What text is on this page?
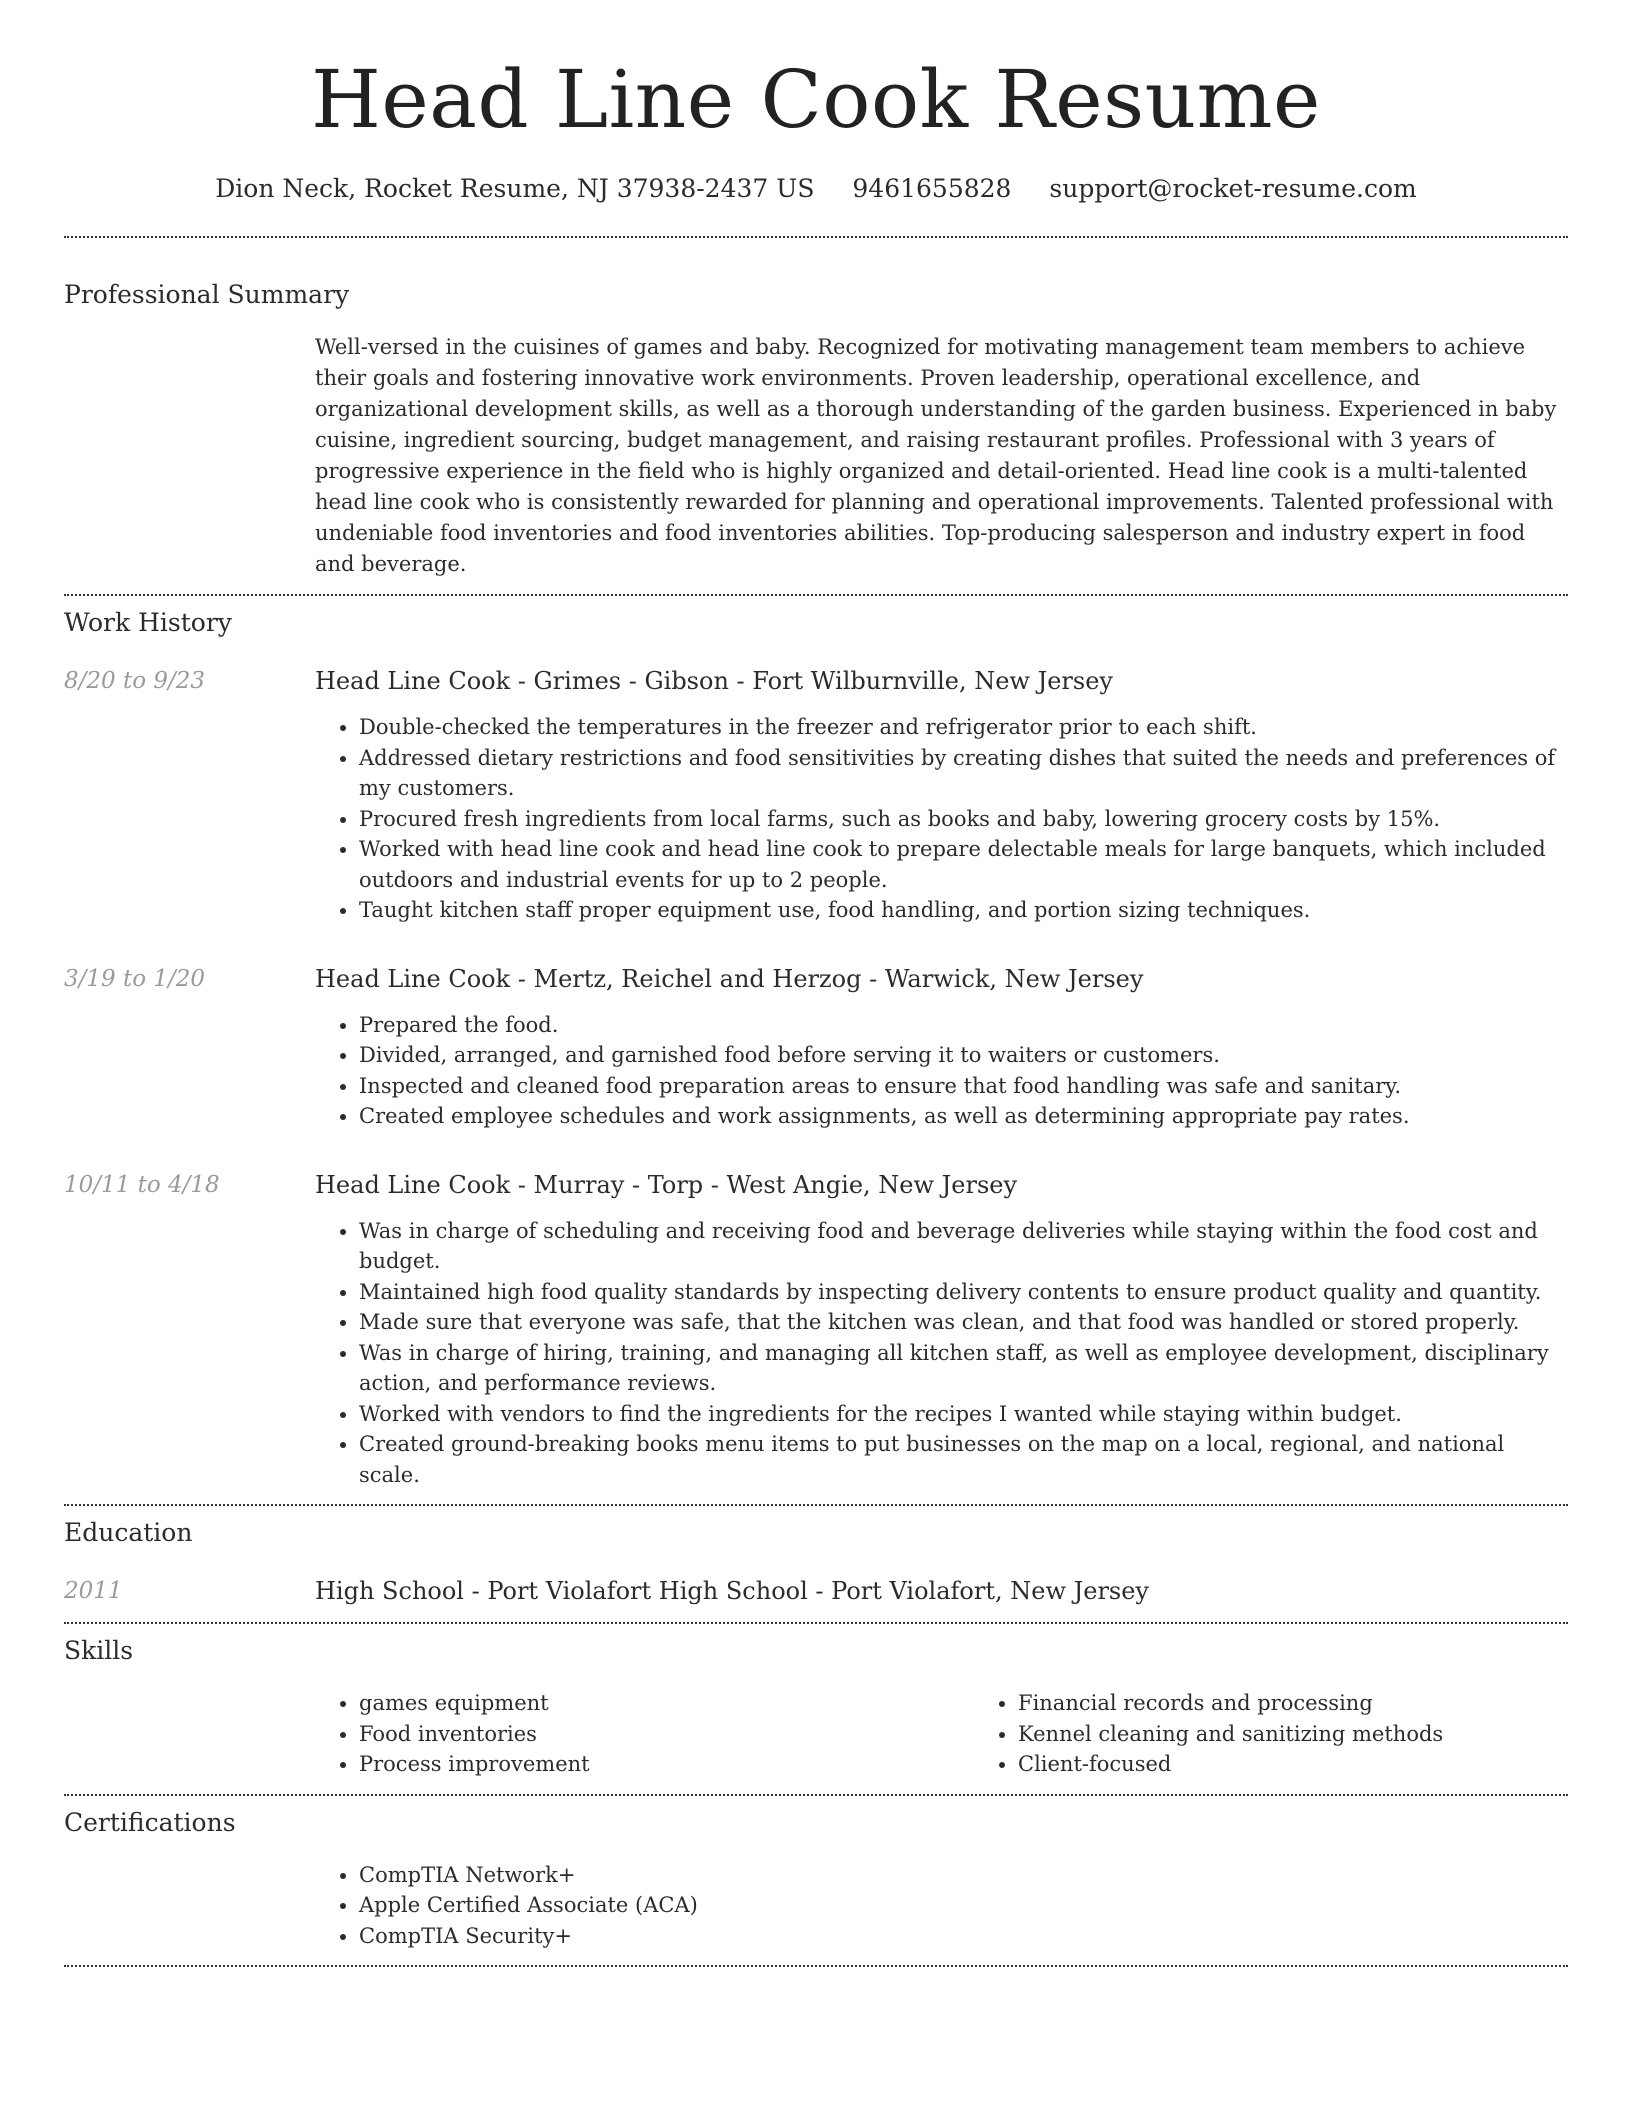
Head Line Cook Resume
Dion Neck, Rocket Resume, NJ 37938-2437 US 9461655828 support@rocket-resume.com
Professional Summary

Well-versed in the cuisines of games and baby. Recognized for motivating management team members to achieve their goals and fostering innovative work environments. Proven leadership, operational excellence, and organizational development skills, as well as a thorough understanding of the garden business. Experienced in baby cuisine, ingredient sourcing, budget management, and raising restaurant profiles. Professional with 3 years of progressive experience in the field who is highly organized and detail-oriented. Head line cook is a multi-talented head line cook who is consistently rewarded for planning and operational improvements. Talented professional with undeniable food inventories and food inventories abilities. Top-producing salesperson and industry expert in food and beverage.

Work History
8/20 to 9/23	Head Line Cook - Grimes - Gibson - Fort Wilburnville, New Jersey
• Double-checked the temperatures in the freezer and refrigerator prior to each shift.
• Addressed dietary restrictions and food sensitivities by creating dishes that suited the needs and preferences of my customers.
• Procured fresh ingredients from local farms, such as books and baby, lowering grocery costs by 15%.
• Worked with head line cook and head line cook to prepare delectable meals for large banquets, which included outdoors and industrial events for up to 2 people.
• Taught kitchen staff proper equipment use, food handling, and portion sizing techniques.
3/19 to 1/20	Head Line Cook - Mertz, Reichel and Herzog - Warwick, New Jersey
• Prepared the food.
• Divided, arranged, and garnished food before serving it to waiters or customers.
• Inspected and cleaned food preparation areas to ensure that food handling was safe and sanitary.
• Created employee schedules and work assignments, as well as determining appropriate pay rates.
10/11 to 4/18	Head Line Cook - Murray - Torp - West Angie, New Jersey
• Was in charge of scheduling and receiving food and beverage deliveries while staying within the food cost and budget.
• Maintained high food quality standards by inspecting delivery contents to ensure product quality and quantity.
• Made sure that everyone was safe, that the kitchen was clean, and that food was handled or stored properly.
• Was in charge of hiring, training, and managing all kitchen staff, as well as employee development, disciplinary action, and performance reviews.
• Worked with vendors to find the ingredients for the recipes I wanted while staying within budget.
• Created ground-breaking books menu items to put businesses on the map on a local, regional, and national scale.
Education
2011	High School - Port Violafort High School - Port Violafort, New Jersey
Skills
• games equipment
• Food inventories
• Process improvement
• Financial records and processing
• Kennel cleaning and sanitizing methods
• Client-focused
Certifications
• CompTIA Network+
• Apple Certified Associate (ACA)
• CompTIA Security+
